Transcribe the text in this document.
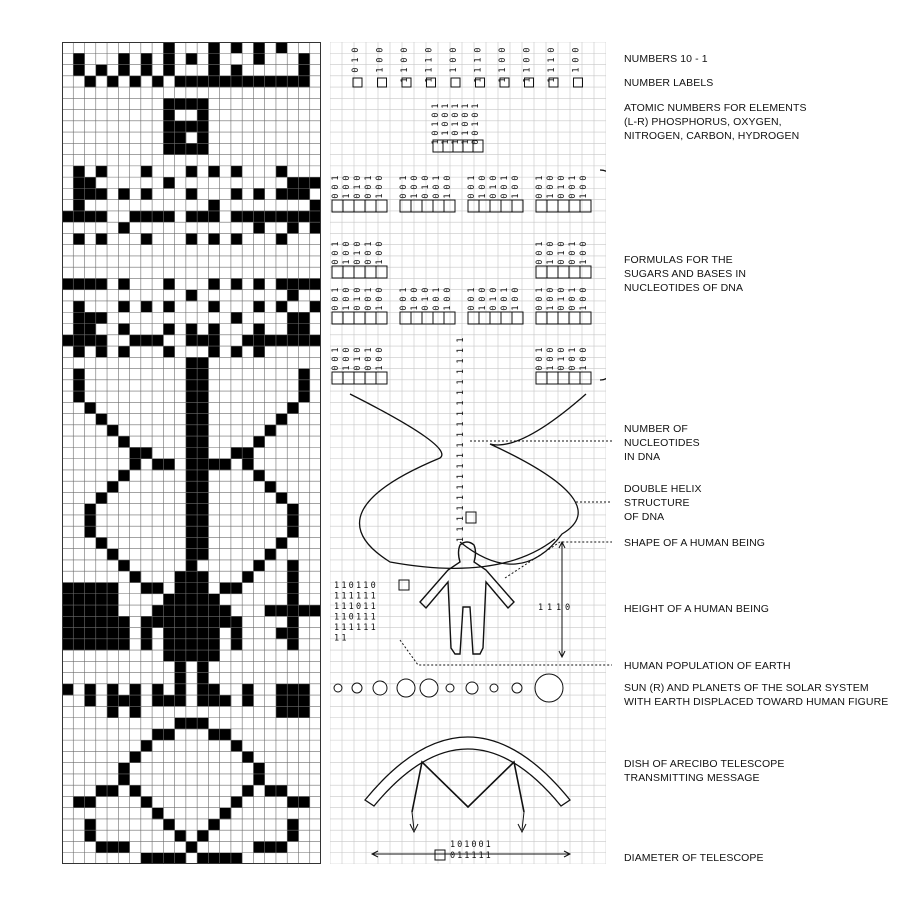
0
1
0
0
0
1
0
0
1
1
0
1
1
1
0
0
1
0
1
1
1
0
0
1
1
0
0
1
1
0
1
1
1
0
0
1
1 1 1 1 1
0 0 0 0 0
1 0 1 0 1
0 1 0 1 0
1 1 1 1 0
1
0
0
0
0
1
0
1
0
1
0
0
0
0
1
1
0
0
0
0
1
0
1
0
1
0
0
0
0
1
1
0
0
0
0
1
0
1
0
1
0
0
0
0
1
1
0
0
0
0
1
0
1
0
1
0
0
0
0
1
1
0
0
0
0
1
0
1
0
1
0
0
0
0
1
1
0
0
0
0
1
0
1
0
1
0
0
0
0
1
1
0
0
0
0
1
0
1
0
1
0
0
0
0
1
1
0
0
0
0
1
0
1
0
1
0
0
0
0
1
1
0
0
0
0
1
0
1
0
1
0
0
0
0
1
1
0
0
0
0
1
0
1
0
1
0
0
0
0
1
1
0
0
0
0
1
0
1
0
1
0
0
0
0
1
1
0
0
0
0
1
0
1
0
1
0
0
0
0
1
1
1
1
1
1
1
1
1
1
1
1
1
1
1
1
1
1
1
1
1
1 1 1 0
110110
111111
111011
110111
111111
11
101001
011111
NUMBERS 10 - 1
NUMBER LABELS
ATOMIC NUMBERS FOR ELEMENTS
(L-R) PHOSPHORUS, OXYGEN,
NITROGEN, CARBON, HYDROGEN
FORMULAS FOR THE
SUGARS AND BASES IN
NUCLEOTIDES OF DNA
NUMBER OF
NUCLEOTIDES
IN DNA
DOUBLE HELIX
STRUCTURE
OF DNA
SHAPE OF A HUMAN BEING
HEIGHT OF A HUMAN BEING
HUMAN POPULATION OF EARTH
SUN (R) AND PLANETS OF THE SOLAR SYSTEM
WITH EARTH DISPLACED TOWARD HUMAN FIGURE
DISH OF ARECIBO TELESCOPE
TRANSMITTING MESSAGE
DIAMETER OF TELESCOPE
